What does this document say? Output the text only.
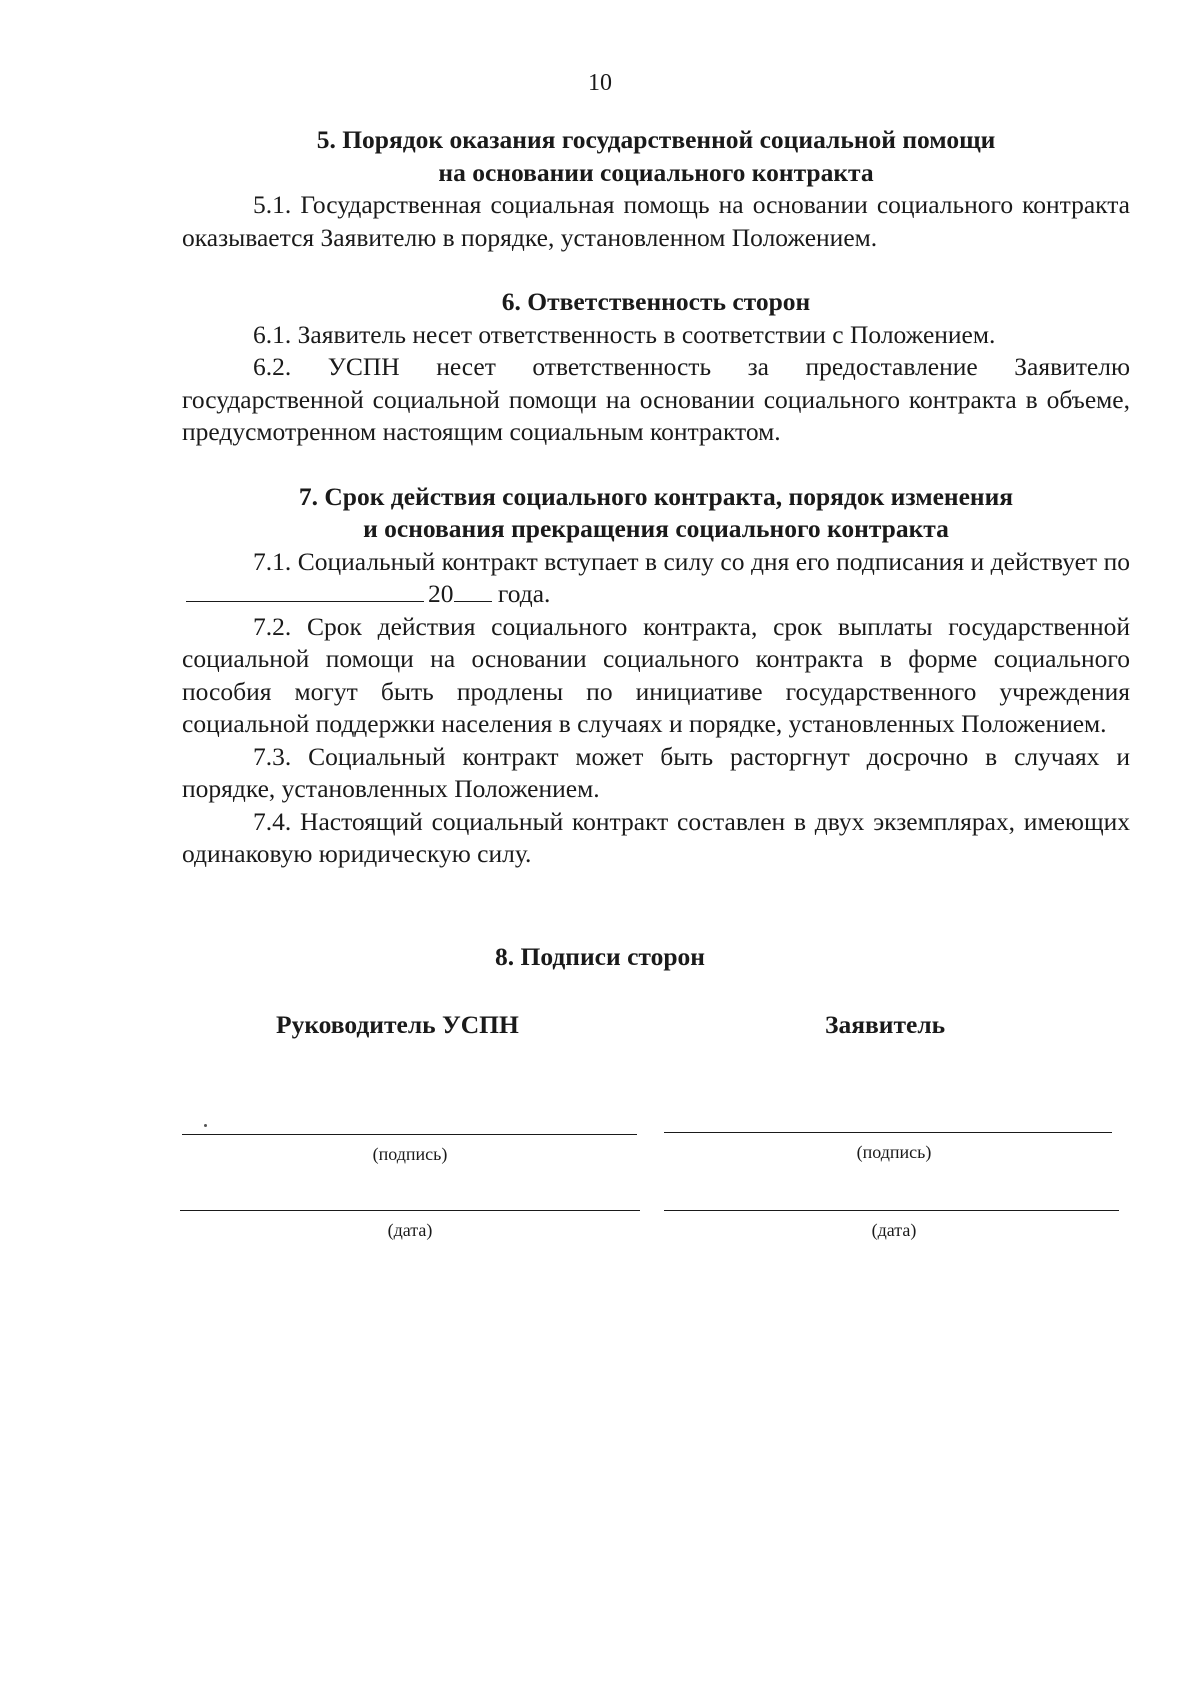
10

5. Порядок оказания государственной социальной помощи

на основании социального контракта

5.1. Государственная социальная помощь на основании социального контракта оказывается Заявителю в порядке, установленном Положением.

6. Ответственность сторон

6.1. Заявитель несет ответственность в соответствии с Положением.

6.2. УСПН несет ответственность за предоставление Заявителю государственной социальной помощи на основании социального контракта в объеме, предусмотренном настоящим социальным контрактом.

7. Срок действия социального контракта, порядок изменения

и основания прекращения социального контракта

7.1. Социальный контракт вступает в силу со дня его подписания и действует по20 года.

7.2. Срок действия социального контракта, срок выплаты государственной социальной помощи на основании социального контракта в форме социального пособия могут быть продлены по инициативе государственного учреждения социальной поддержки населения в случаях и порядке, установленных Положением.

7.3. Социальный контракт может быть расторгнут досрочно в случаях и порядке, установленных Положением.

7.4. Настоящий социальный контракт составлен в двух экземплярах, имеющих одинаковую юридическую силу.

8. Подписи сторон
Руководитель УСПН	Заявитель
(подпись)	(подпись)
(дата)	(дата)
